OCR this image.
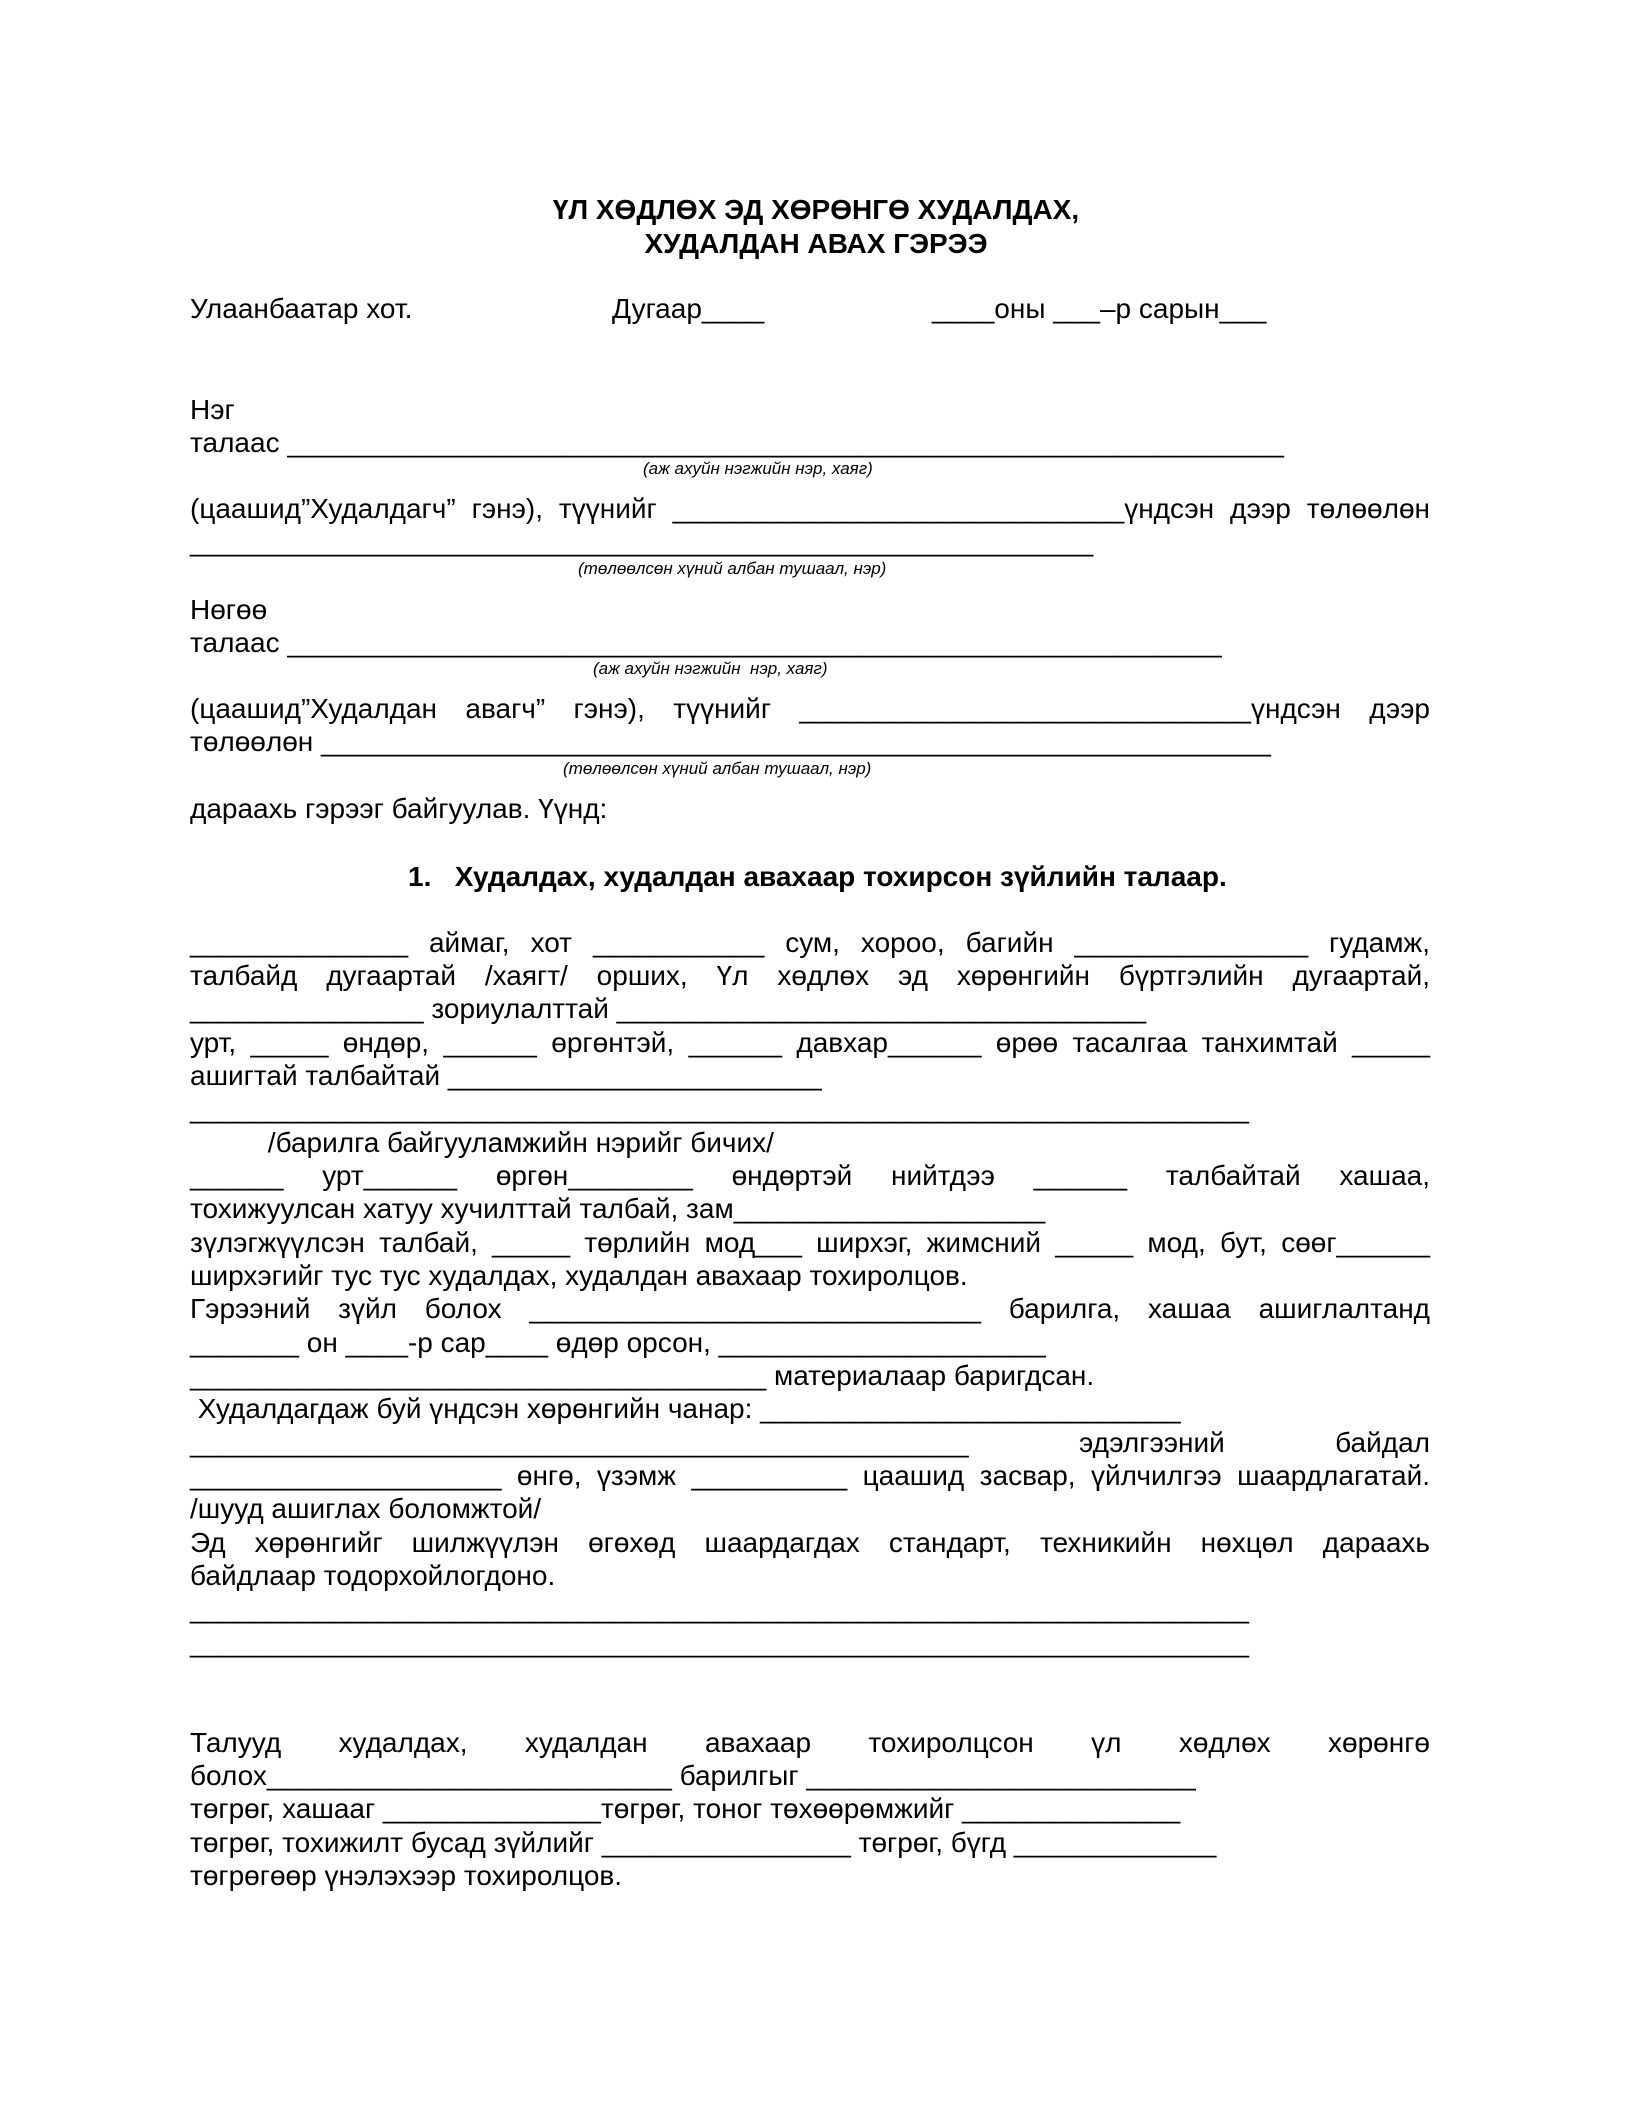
ҮЛ ХӨДЛӨХ ЭД ХӨРӨНГӨ ХУДАЛДАХ,
ХУДАЛДАН АВАХ ГЭРЭЭ
Улаанбаатар хот.	Дугаар____	____оны ___–р сарын___
Нэг
талаас ________________________________________________________________
(аж ахуйн нэгжийн нэр, хаяг)
(цаашид”Худалдагч” гэнэ), түүнийг _____________________________үндсэн дээр төлөөлөн
__________________________________________________________
(төлөөлсөн хүний албан тушаал, нэр)
Нөгөө
талаас ____________________________________________________________
(аж ахуйн нэгжийн  нэр, хаяг)
(цаашид”Худалдан авагч” гэнэ), түүнийг _____________________________үндсэн дээр
төлөөлөн _____________________________________________________________
(төлөөлсөн хүний албан тушаал, нэр)
дараахь гэрээг байгуулав. Үүнд:
1.   Худалдах, худалдан авахаар тохирсон зүйлийн талаар.
______________ аймаг, хот ___________ сум, хороо, багийн _______________ гудамж,
талбайд дугаартай /хаягт/ орших, Үл хөдлөх эд хөрөнгийн бүртгэлийн дугаартай,
_______________ зориулалттай __________________________________
урт, _____ өндөр, ______ өргөнтэй, ______ давхар______ өрөө тасалгаа танхимтай _____
ашигтай талбайтай ________________________
____________________________________________________________________
/барилга байгууламжийн нэрийг бичих/
______ урт______ өргөн________ өндөртэй нийтдээ ______ талбайтай хашаа,
тохижуулсан хатуу хучилттай талбай, зам____________________
зүлэгжүүлсэн талбай, _____ төрлийн мод___ ширхэг, жимсний _____ мод, бут, сөөг______
ширхэгийг тус тус худалдах, худалдан авахаар тохиролцов.
Гэрээний зүйл болох _____________________________ барилга, хашаа ашиглалтанд
_______ он ____-р сар____ өдөр орсон, _____________________
_____________________________________ материалаар баригдсан.
Худалдагдаж буй үндсэн хөрөнгийн чанар: ___________________________
__________________________________________________ эдэлгээний байдал
____________________ өнгө, үзэмж __________ цаашид засвар, үйлчилгээ шаардлагатай.
/шууд ашиглах боломжтой/
Эд хөрөнгийг шилжүүлэн өгөхөд шаардагдах стандарт, техникийн нөхцөл дараахь
байдлаар тодорхойлогдоно.
____________________________________________________________________
____________________________________________________________________
Талууд худалдах, худалдан авахаар тохиролцсон үл хөдлөх хөрөнгө
болох__________________________ барилгыг _________________________
төгрөг, хашааг ______________төгрөг, тоног төхөөрөмжийг ______________
төгрөг, тохижилт бусад зүйлийг ________________ төгрөг, бүгд _____________
төгрөгөөр үнэлэхээр тохиролцов.
